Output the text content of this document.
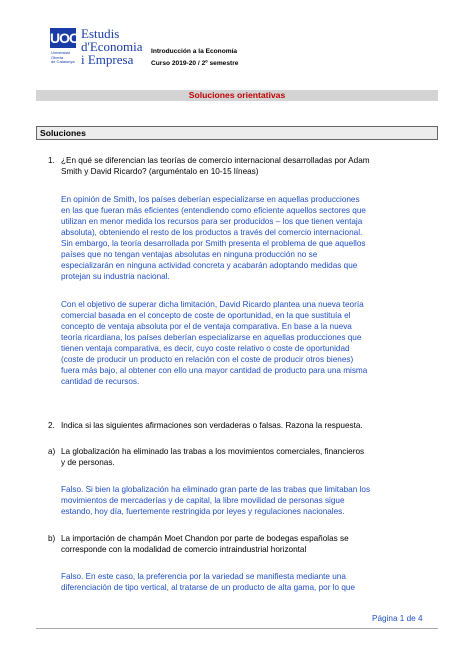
UOC
Universitat
Oberta
de Catalunya
Estudis
d'Economia
i Empresa
Introducción a la Economía
Curso 2019-20 / 2º semestre
Soluciones orientativas
Soluciones
1. ¿En qué se diferencian las teorías de comercio internacional desarrolladas por Adam
Smith y David Ricardo? (arguméntalo en 10-15 líneas)
En opinión de Smith, los países deberían especializarse en aquellas producciones
en las que fueran más eficientes (entendiendo como eficiente aquellos sectores que
utilizan en menor medida los recursos para ser producidos – los que tienen ventaja
absoluta), obteniendo el resto de los productos a través del comercio internacional.
Sin embargo, la teoría desarrollada por Smith presenta el problema de que aquellos
países que no tengan ventajas absolutas en ninguna producción no se
especializarán en ninguna actividad concreta y acabarán adoptando medidas que
protejan su industria nacional.
Con el objetivo de superar dicha limitación, David Ricardo plantea una nueva teoría
comercial basada en el concepto de coste de oportunidad, en la que sustituía el
concepto de ventaja absoluta por el de ventaja comparativa. En base a la nueva
teoría ricardiana, los países deberían especializarse en aquellas producciones que
tienen ventaja comparativa, es decir, cuyo coste relativo o coste de oportunidad
(coste de producir un producto en relación con el coste de producir otros bienes)
fuera más bajo, al obtener con ello una mayor cantidad de producto para una misma
cantidad de recursos.
2. Indica si las siguientes afirmaciones son verdaderas o falsas. Razona la respuesta.
a) La globalización ha eliminado las trabas a los movimientos comerciales, financieros
y de personas.
Falso. Si bien la globalización ha eliminado gran parte de las trabas que limitaban los
movimientos de mercaderías y de capital, la libre movilidad de personas sigue
estando, hoy día, fuertemente restringida por leyes y regulaciones nacionales.
b) La importación de champán Moet Chandon por parte de bodegas españolas se
corresponde con la modalidad de comercio intraindustrial horizontal
Falso. En este caso, la preferencia por la variedad se manifiesta mediante una
diferenciación de tipo vertical, al tratarse de un producto de alta gama, por lo que
Página 1 de 4
